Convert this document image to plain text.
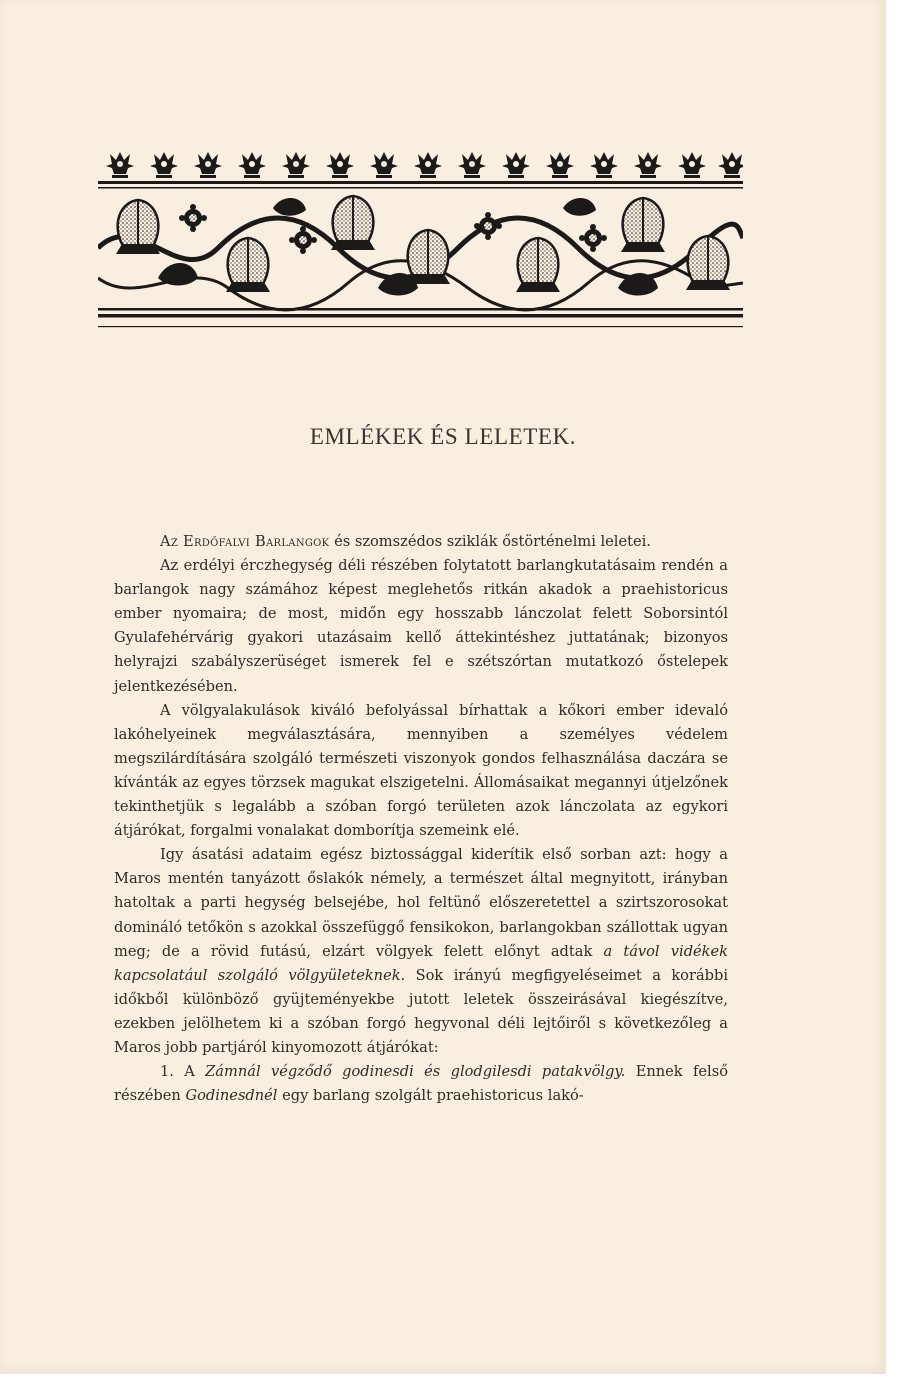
EMLÉKEK ÉS LELETEK.

Az Erdőfalvi Barlangok és szomszédos sziklák őstörténelmi leletei.

Az erdélyi érczhegység déli részében folytatott barlangkutatásaim rendén a barlangok nagy számához képest meglehetős ritkán akadok a praehistoricus ember nyomaira; de most, midőn egy hosszabb lánczolat felett Soborsintól Gyulafehérvárig gyakori utazásaim kellő áttekintéshez juttatának; bizonyos helyrajzi szabályszerüséget ismerek fel e szétszórtan mutatkozó őstelepek jelentkezésében.

A völgyalakulások kiváló befolyással bírhattak a kőkori ember idevaló lakóhelyeinek megválasztására, mennyiben a személyes védelem megszilárdítására szolgáló természeti viszonyok gondos felhasználása daczára se kívánták az egyes törzsek magukat elszigetelni. Állomásaikat megannyi útjelzőnek tekinthetjük s legalább a szóban forgó területen azok lánczolata az egykori átjárókat, forgalmi vonalakat domborítja szemeink elé.

Igy ásatási adataim egész biztossággal kiderítik első sorban azt: hogy a Maros mentén tanyázott őslakók némely, a természet által megnyitott, irányban hatoltak a parti hegység belsejébe, hol feltünő előszeretettel a szirtszorosokat domináló tetőkön s azokkal összefüggő fensikokon, barlangokban szállottak ugyan meg; de a rövid futású, elzárt völgyek felett előnyt adtak a távol vidékek kapcsolatául szolgáló völgyületeknek. Sok irányú megfigyeléseimet a korábbi időkből különböző gyüjteményekbe jutott leletek összeirásával kiegészítve, ezekben jelölhetem ki a szóban forgó hegyvonal déli lejtőiről s következőleg a Maros jobb partjáról kinyomozott átjárókat:

1. A Zámnál végződő godinesdi és glodgilesdi patakvölgy. Ennek felső részében Godinesdnél egy barlang szolgált praehistoricus lakó-
